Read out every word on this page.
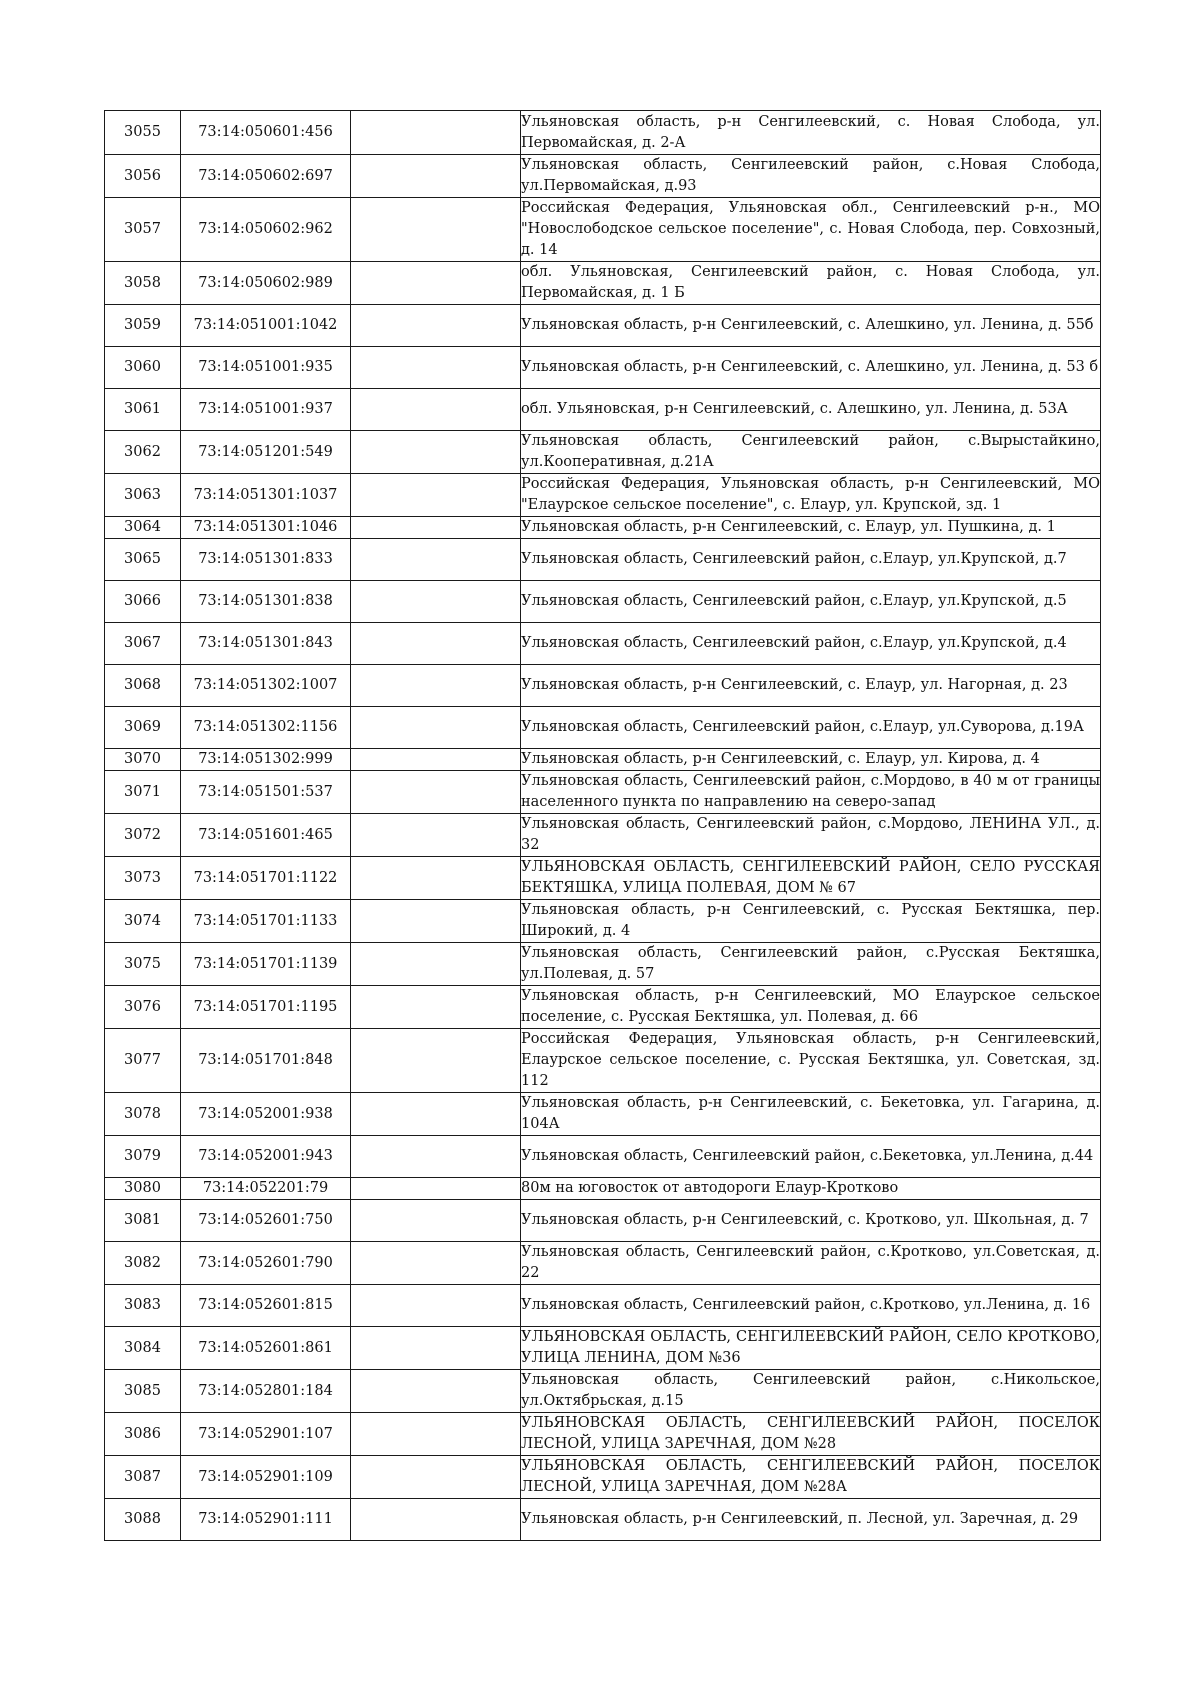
3055	73:14:050601:456		Ульяновская область, р-н Сенгилеевский, с. Новая Слобода, ул. Первомайская, д. 2-А
3056	73:14:050602:697		Ульяновская область, Сенгилеевский район, с.Новая Слобода, ул.Первомайская, д.93
3057	73:14:050602:962		Российская Федерация, Ульяновская обл., Сенгилеевский р-н., МО "Новослободское сельское поселение", с. Новая Слобода, пер. Совхозный, д. 14
3058	73:14:050602:989		обл. Ульяновская, Сенгилеевский район, с. Новая Слобода, ул. Первомайская, д. 1 Б
3059	73:14:051001:1042		Ульяновская область, р-н Сенгилеевский, с. Алешкино, ул. Ленина, д. 55б
3060	73:14:051001:935		Ульяновская область, р-н Сенгилеевский, с. Алешкино, ул. Ленина, д. 53 б
3061	73:14:051001:937		обл. Ульяновская, р-н Сенгилеевский, с. Алешкино, ул. Ленина, д. 53А
3062	73:14:051201:549		Ульяновская область, Сенгилеевский район, с.Вырыстайкино, ул.Кооперативная, д.21А
3063	73:14:051301:1037		Российская Федерация, Ульяновская область, р-н Сенгилеевский, МО "Елаурское сельское поселение", с. Елаур, ул. Крупской, зд. 1
3064	73:14:051301:1046		Ульяновская область, р-н Сенгилеевский, с. Елаур, ул. Пушкина, д. 1
3065	73:14:051301:833		Ульяновская область, Сенгилеевский район, с.Елаур, ул.Крупской, д.7
3066	73:14:051301:838		Ульяновская область, Сенгилеевский район, с.Елаур, ул.Крупской, д.5
3067	73:14:051301:843		Ульяновская область, Сенгилеевский район, с.Елаур, ул.Крупской, д.4
3068	73:14:051302:1007		Ульяновская область, р-н Сенгилеевский, с. Елаур, ул. Нагорная, д. 23
3069	73:14:051302:1156		Ульяновская область, Сенгилеевский район, с.Елаур, ул.Суворова, д.19А
3070	73:14:051302:999		Ульяновская область, р-н Сенгилеевский, с. Елаур, ул. Кирова, д. 4
3071	73:14:051501:537		Ульяновская область, Сенгилеевский район, с.Мордово, в 40 м от границы населенного пункта по направлению на северо-запад
3072	73:14:051601:465		Ульяновская область, Сенгилеевский район, с.Мордово, ЛЕНИНА УЛ., д. 32
3073	73:14:051701:1122		УЛЬЯНОВСКАЯ ОБЛАСТЬ, СЕНГИЛЕЕВСКИЙ РАЙОН, СЕЛО РУССКАЯ БЕКТЯШКА, УЛИЦА ПОЛЕВАЯ, ДОМ № 67
3074	73:14:051701:1133		Ульяновская область, р-н Сенгилеевский, с. Русская Бектяшка, пер. Широкий, д. 4
3075	73:14:051701:1139		Ульяновская область, Сенгилеевский район, с.Русская Бектяшка, ул.Полевая, д. 57
3076	73:14:051701:1195		Ульяновская область, р-н Сенгилеевский, МО Елаурское сельское поселение, с. Русская Бектяшка, ул. Полевая, д. 66
3077	73:14:051701:848		Российская Федерация, Ульяновская область, р-н Сенгилеевский, Елаурское сельское поселение, с. Русская Бектяшка, ул. Советская, зд. 112
3078	73:14:052001:938		Ульяновская область, р-н Сенгилеевский, с. Бекетовка, ул. Гагарина, д. 104А
3079	73:14:052001:943		Ульяновская область, Сенгилеевский район, с.Бекетовка, ул.Ленина, д.44
3080	73:14:052201:79		80м на юговосток от автодороги Елаур-Кротково
3081	73:14:052601:750		Ульяновская область, р-н Сенгилеевский, с. Кротково, ул. Школьная, д. 7
3082	73:14:052601:790		Ульяновская область, Сенгилеевский район, с.Кротково, ул.Советская, д. 22
3083	73:14:052601:815		Ульяновская область, Сенгилеевский район, с.Кротково, ул.Ленина, д. 16
3084	73:14:052601:861		УЛЬЯНОВСКАЯ ОБЛАСТЬ, СЕНГИЛЕЕВСКИЙ РАЙОН, СЕЛО КРОТКОВО, УЛИЦА ЛЕНИНА, ДОМ №36
3085	73:14:052801:184		Ульяновская область, Сенгилеевский район, с.Никольское, ул.Октябрьская, д.15
3086	73:14:052901:107		УЛЬЯНОВСКАЯ ОБЛАСТЬ, СЕНГИЛЕЕВСКИЙ РАЙОН, ПОСЕЛОК ЛЕСНОЙ, УЛИЦА ЗАРЕЧНАЯ, ДОМ №28
3087	73:14:052901:109		УЛЬЯНОВСКАЯ ОБЛАСТЬ, СЕНГИЛЕЕВСКИЙ РАЙОН, ПОСЕЛОК ЛЕСНОЙ, УЛИЦА ЗАРЕЧНАЯ, ДОМ №28А
3088	73:14:052901:111		Ульяновская область, р-н Сенгилеевский, п. Лесной, ул. Заречная, д. 29
